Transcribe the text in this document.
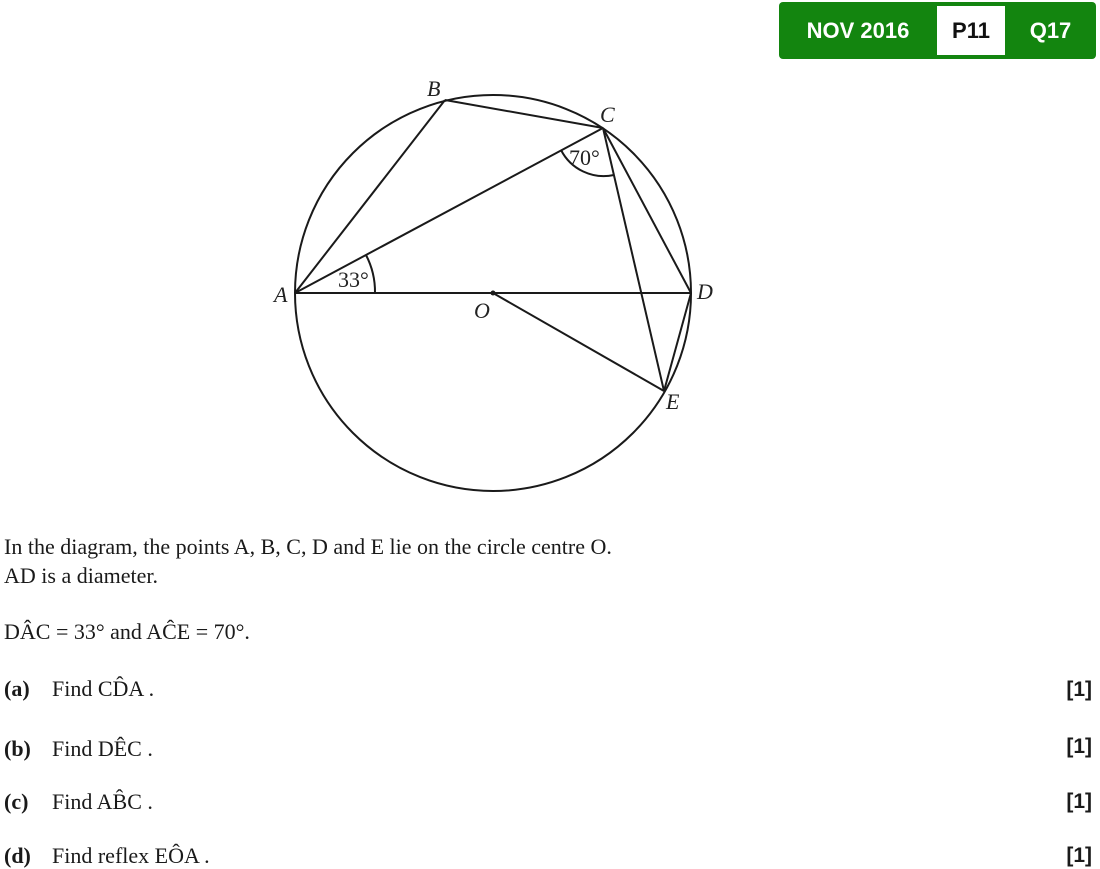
NOV 2016	P11	Q17
A
B
C
D
E
O
33°
70°
In the diagram, the points A, B, C, D and E lie on the circle centre O.
AD is a diameter.
DÂC = 33° and AĈE = 70°.
(a) Find CD̂A .	[1]
(b) Find DÊC .	[1]
(c) Find AB̂C .	[1]
(d) Find reflex EÔA .	[1]
